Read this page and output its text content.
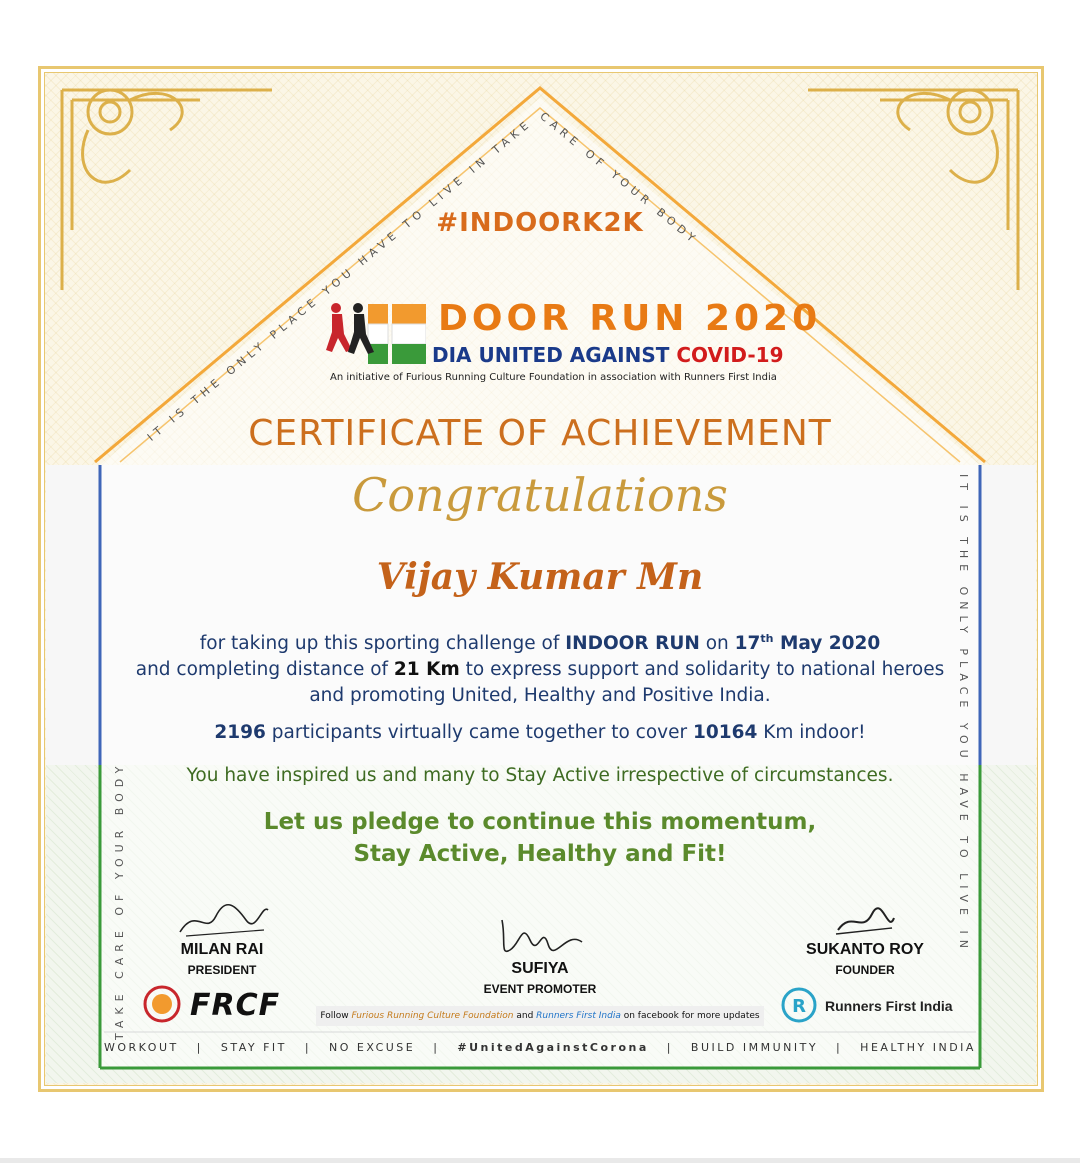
IT IS THE ONLY PLACE YOU HAVE TO LIVE IN TAKE CARE OF YOUR BODY
TAKE CARE OF YOUR BODY	IT IS THE ONLY PLACE YOU HAVE TO LIVE IN
#INDOORK2K
DOOR RUN 2020
DIA UNITED AGAINST COVID-19
An initiative of Furious Running Culture Foundation in association with Runners First India
CERTIFICATE OF ACHIEVEMENT
Congratulations
Vijay Kumar Mn
for taking up this sporting challenge of INDOOR RUN on 17th May 2020
and completing distance of 21 Km to express support and solidarity to national heroes
and promoting United, Healthy and Positive India.
2196 participants virtually came together to cover 10164 Km indoor!
You have inspired us and many to Stay Active irrespective of circumstances.
Let us pledge to continue this momentum,
Stay Active, Healthy and Fit!
MILAN RAI
PRESIDENT	SUFIYA
EVENT PROMOTER
SUKANTO ROY
FOUNDER
FRCF	Follow Furious Running Culture Foundation and Runners First India on facebook for more updates R Runners First India
WORKOUT | STAY FIT | NO EXCUSE | #UnitedAgainstCorona | BUILD IMMUNITY | HEALTHY INDIA
